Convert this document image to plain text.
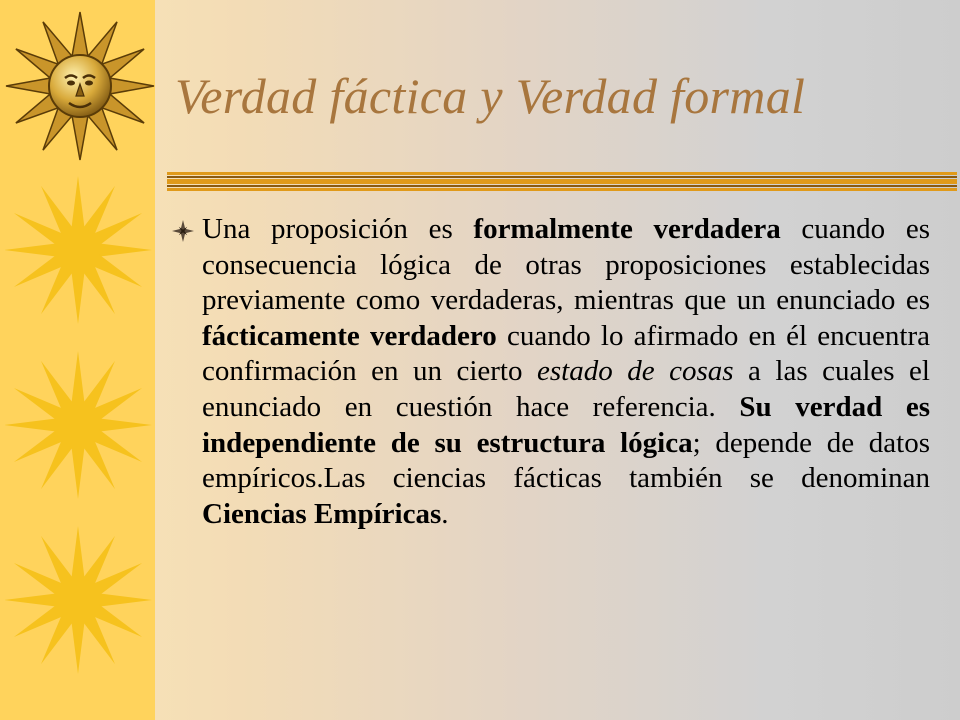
Verdad fáctica y Verdad formal

Una proposición es formalmente verdadera cuando es consecuencia lógica de otras proposiciones establecidas previamente como verdaderas, mientras que un enunciado es fácticamente verdadero cuando lo afirmado en él encuentra confirmación en un cierto estado de cosas a las cuales el enunciado en cuestión hace referencia. Su verdad es independiente de su estructura lógica; depende de datos empíricos.Las ciencias fácticas también se denominan Ciencias Empíricas.
